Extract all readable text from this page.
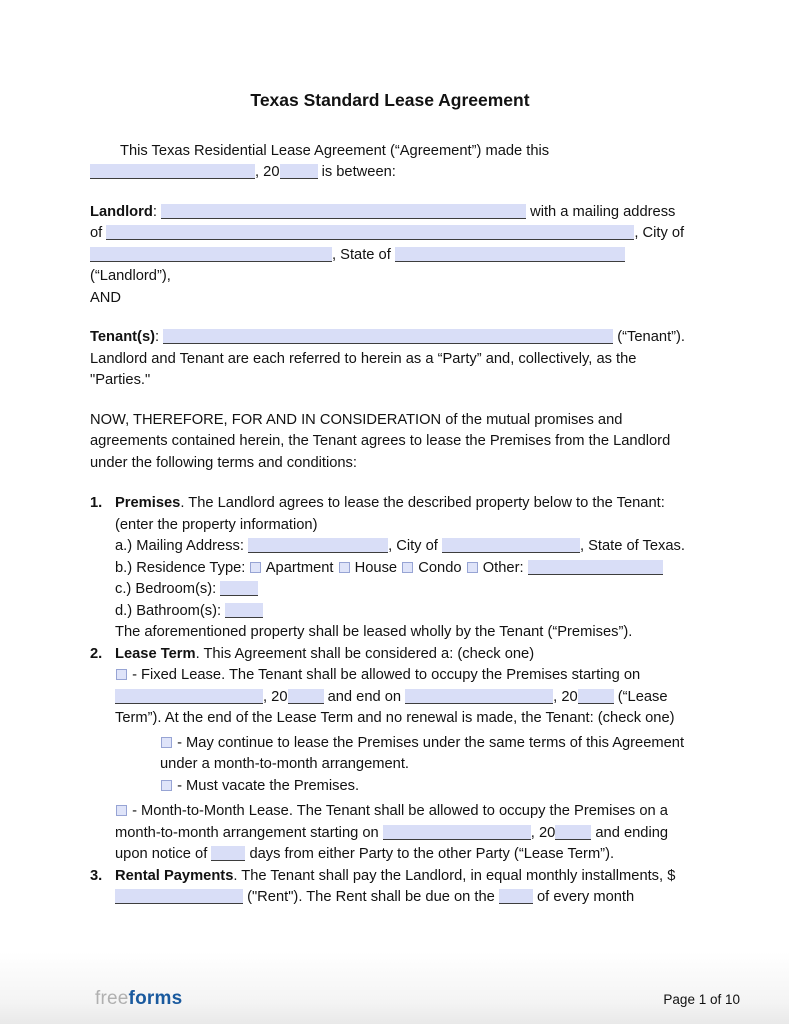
Texas Standard Lease Agreement
This Texas Residential Lease Agreement (“Agreement”) made this , 20	is between:
Landlord:	with a mailing address of	, City of , State of  (“Landlord”),
AND
Tenant(s):	(“Tenant”). Landlord and Tenant are each referred to herein as a “Party” and, collectively, as the "Parties."
NOW, THEREFORE, FOR AND IN CONSIDERATION of the mutual promises and agreements contained herein, the Tenant agrees to lease the Premises from the Landlord under the following terms and conditions:
1. Premises. The Landlord agrees to lease the described property below to the Tenant: (enter the property information)
a.) Mailing Address:	, City of	, State of Texas.
b.) Residence Type:  Apartment  House  Condo  Other:
c.) Bedroom(s):
d.) Bathroom(s):
The aforementioned property shall be leased wholly by the Tenant (“Premises”).
2. Lease Term. This Agreement shall be considered a: (check one)
- Fixed Lease. The Tenant shall be allowed to occupy the Premises starting on , 20 and end on	, 20 (“Lease Term”). At the end of the Lease Term and no renewal is made, the Tenant: (check one)
- May continue to lease the Premises under the same terms of this Agreement under a month-to-month arrangement.
- Must vacate the Premises.
- Month-to-Month Lease. The Tenant shall be allowed to occupy the Premises on a month-to-month arrangement starting on	, 20 and ending upon notice of  days from either Party to the other Party (“Lease Term”).
3. Rental Payments. The Tenant shall pay the Landlord, in equal monthly installments, $ ("Rent"). The Rent shall be due on the  of every month
freeforms	Page 1 of 10
